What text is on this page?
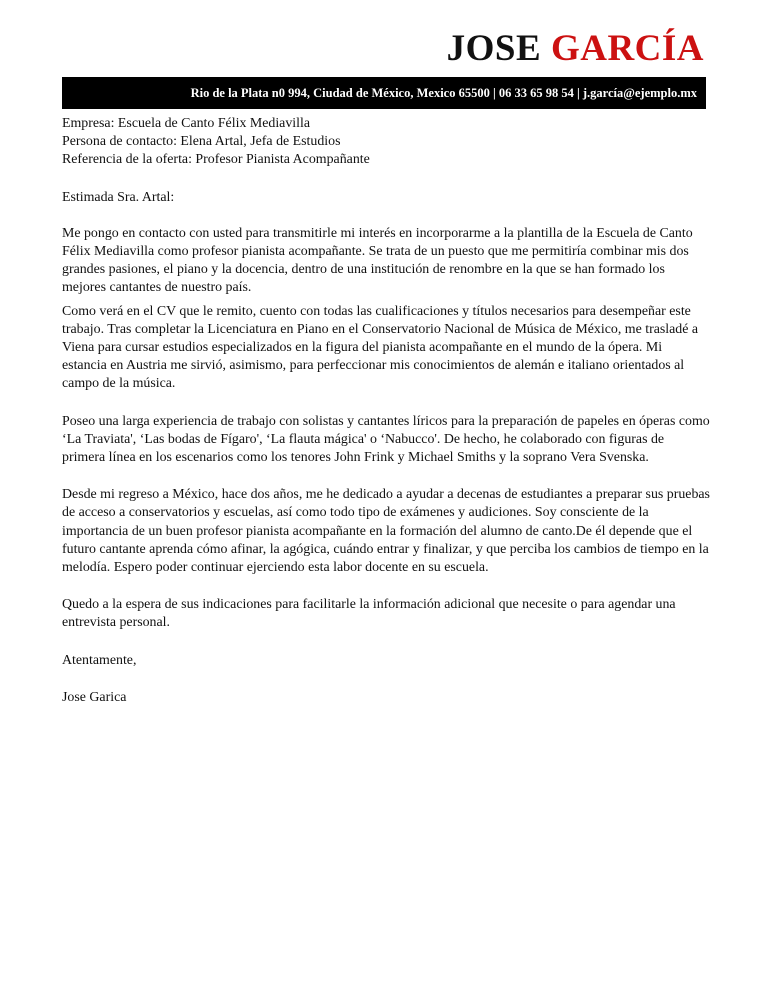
JOSE GARCÍA
Rio de la Plata n0 994, Ciudad de México, Mexico 65500 | 06 33 65 98 54 | j.garcía@ejemplo.mx

Empresa: Escuela de Canto Félix Mediavilla

Persona de contacto: Elena Artal, Jefa de Estudios

Referencia de la oferta: Profesor Pianista Acompañante

Estimada Sra. Artal:

Me pongo en contacto con usted para transmitirle mi interés en incorporarme a la plantilla de la Escuela de Canto Félix Mediavilla como profesor pianista acompañante. Se trata de un puesto que me permitiría combinar mis dos grandes pasiones, el piano y la docencia, dentro de una institución de renombre en la que se han formado los mejores cantantes de nuestro país.

Como verá en el CV que le remito, cuento con todas las cualificaciones y títulos necesarios para desempeñar este trabajo. Tras completar la Licenciatura en Piano en el Conservatorio Nacional de Música de México, me trasladé a Viena para cursar estudios especializados en la figura del pianista acompañante en el mundo de la ópera. Mi estancia en Austria me sirvió, asimismo, para perfeccionar mis conocimientos de alemán e italiano orientados al campo de la música.

Poseo una larga experiencia de trabajo con solistas y cantantes líricos para la preparación de papeles en óperas como ‘La Traviata', ‘Las bodas de Fígaro', ‘La flauta mágica' o ‘Nabucco'. De hecho, he colaborado con figuras de primera línea en los escenarios como los tenores John Frink y Michael Smiths y la soprano Vera Svenska.

Desde mi regreso a México, hace dos años, me he dedicado a ayudar a decenas de estudiantes a preparar sus pruebas de acceso a conservatorios y escuelas, así como todo tipo de exámenes y audiciones. Soy consciente de la importancia de un buen profesor pianista acompañante en la formación del alumno de canto.De él depende que el futuro cantante aprenda cómo afinar, la agógica, cuándo entrar y finalizar, y que perciba los cambios de tiempo en la melodía. Espero poder continuar ejerciendo esta labor docente en su escuela.

Quedo a la espera de sus indicaciones para facilitarle la información adicional que necesite o para agendar una entrevista personal.

Atentamente,

Jose Garica
